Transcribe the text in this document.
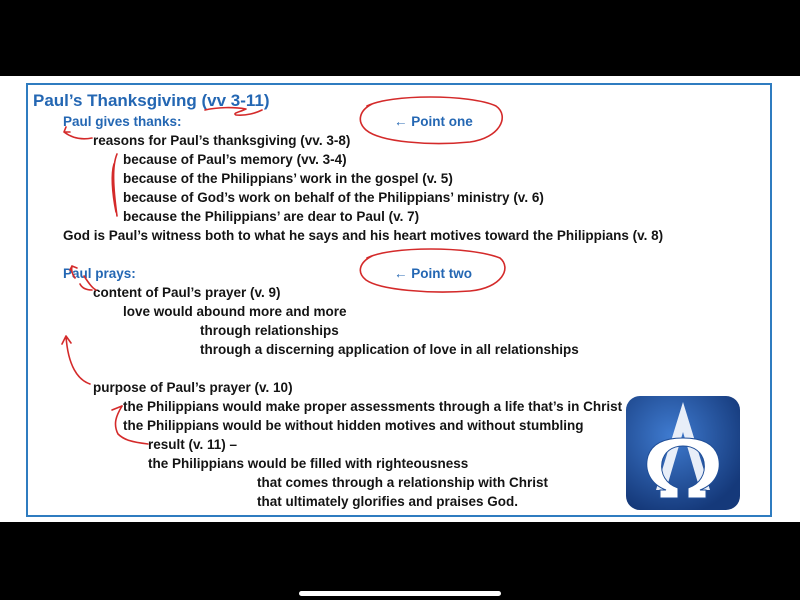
Paul’s Thanksgiving (vv 3-11)
Paul gives thanks:	← Point one
reasons for Paul’s thanksgiving (vv. 3-8)
because of Paul’s memory (vv. 3-4)
because of the Philippians’ work in the gospel (v. 5)
because of God’s work on behalf of the Philippians’ ministry (v. 6)
because the Philippians’ are dear to Paul (v. 7)
God is Paul’s witness both to what he says and his heart motives toward the Philippians (v. 8)
Paul prays:	← Point two
content of Paul’s prayer (v. 9)
love would abound more and more
through relationships
through a discerning application of love in all relationships
purpose of Paul’s prayer (v. 10)
the Philippians would make proper assessments through a life that’s in Christ
the Philippians would be without hidden motives and without stumbling
result (v. 11) –
the Philippians would be filled with righteousness
that comes through a relationship with Christ
that ultimately glorifies and praises God.
